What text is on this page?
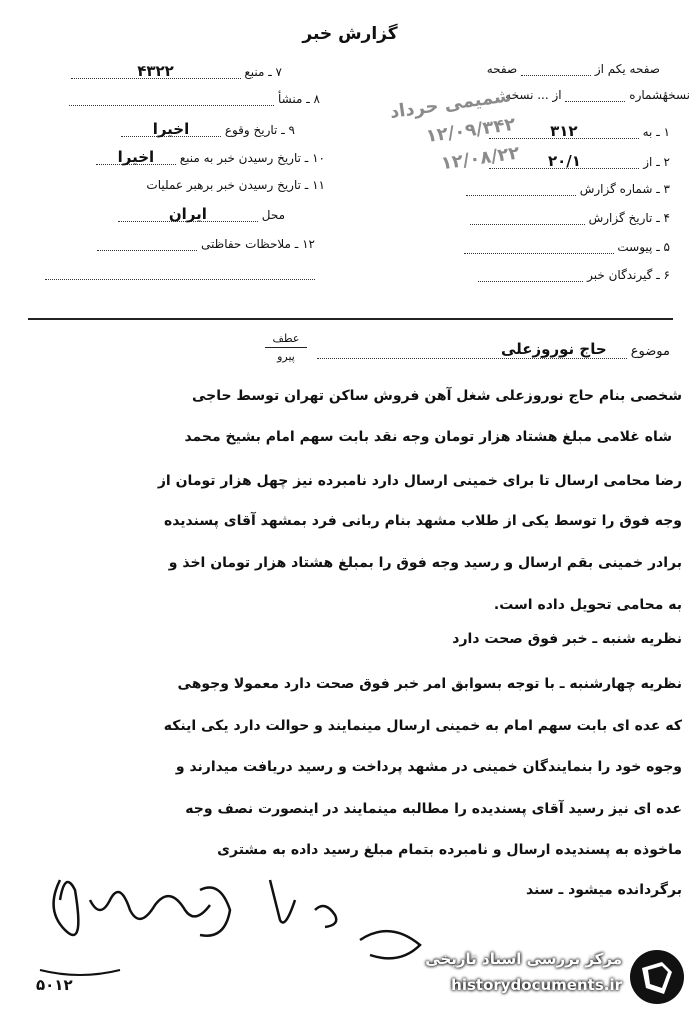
گزارش خبر
صفحه یکم از  صفحه
نسخهٔشماره  از ... نسخه
۱ ـ به ۳۱۲
۲ ـ از ۲۰/۱
۳ ـ شماره گزارش
۴ ـ تاریخ گزارش
۵ ـ پیوست
۶ ـ گیرندگان خبر
۷ ـ منبع ۴۳۲۲
۸ ـ منشأ
۹ ـ تاریخ وقوع اخیرا
۱۰ ـ تاریخ رسیدن خبر به منبع اخیرا
۱۱ ـ تاریخ رسیدن خبر برهبر عملیات
محل ایران
۱۲ ـ ملاحظات حفاظتی
شمیمی حرداد
۱۲/۰۹/۳۴۲
۱۲/۰۸/۲۲
عطف
پیرو	موضوع حاج نوروزعلی
شخصی بنام حاج نوروزعلی شغل آهن فروش ساکن تهران توسط حاجی
شاه غلامی مبلغ هشتاد هزار تومان وجه نقد بابت سهم امام بشیخ محمد
رضا محامی ارسال تا برای خمینی ارسال دارد نامبرده نیز چهل هزار تومان از
وجه فوق را توسط یکی از طلاب مشهد بنام ربانی فرد بمشهد آقای پسندیده
برادر خمینی بقم ارسال و رسید وجه فوق را بمبلغ هشتاد هزار تومان اخذ و
به محامی تحویل داده است.
نظریه شنبه ـ خبر فوق صحت دارد
نظریه چهارشنبه ـ با توجه بسوابق امر خبر فوق صحت دارد معمولا وجوهی
که عده ای بابت سهم امام به خمینی ارسال مینمایند و حوالت دارد یکی اینکه
وجوه خود را بنمایندگان خمینی در مشهد پرداخت و رسید دریافت میدارند و
عده ای نیز رسید آقای پسندیده را مطالبه مینمایند در اینصورت نصف وجه
ماخوذه به پسندیده ارسال و نامبرده بتمام مبلغ رسید داده به مشتری
برگردانده میشود ـ سند
۵۰۱۲
مرکز بررسی اسناد تاریخی
historydocuments.ir
